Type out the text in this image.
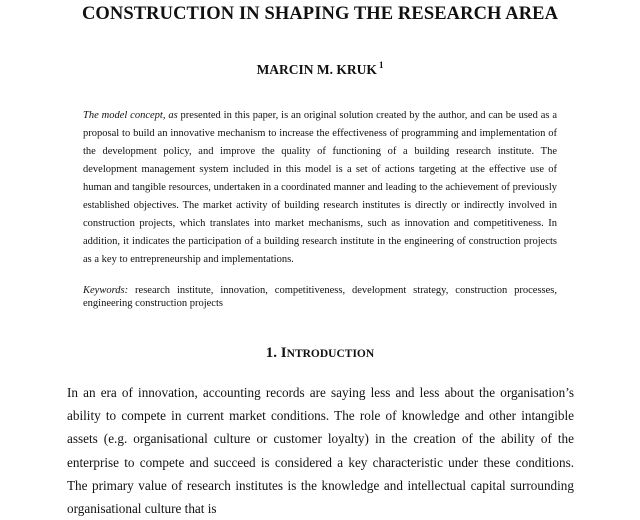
CONSTRUCTION IN SHAPING THE RESEARCH AREA
MARCIN M. KRUK $^1$

The model concept, as presented in this paper, is an original solution created by the author, and can be used as a proposal to build an innovative mechanism to increase the effectiveness of programming and implementation of the development policy, and improve the quality of functioning of a building research institute. The development management system included in this model is a set of actions targeting at the effective use of human and tangible resources, undertaken in a coordinated manner and leading to the achievement of previously established objectives. The market activity of building research institutes is directly or indirectly involved in construction projects, which translates into market mechanisms, such as innovation and competitiveness. In addition, it indicates the participation of a building research institute in the engineering of construction projects as a key to entrepreneurship and implementations.

Keywords: research institute, innovation, competitiveness, development strategy, construction processes, engineering construction projects

1. INTRODUCTION

In an era of innovation, accounting records are saying less and less about the organisation’s ability to compete in current market conditions. The role of knowledge and other intangible assets (e.g. organisational culture or customer loyalty) in the creation of the ability of the enterprise to compete and succeed is considered a key characteristic under these conditions. The primary value of research institutes is the knowledge and intellectual capital surrounding organisational culture that is
